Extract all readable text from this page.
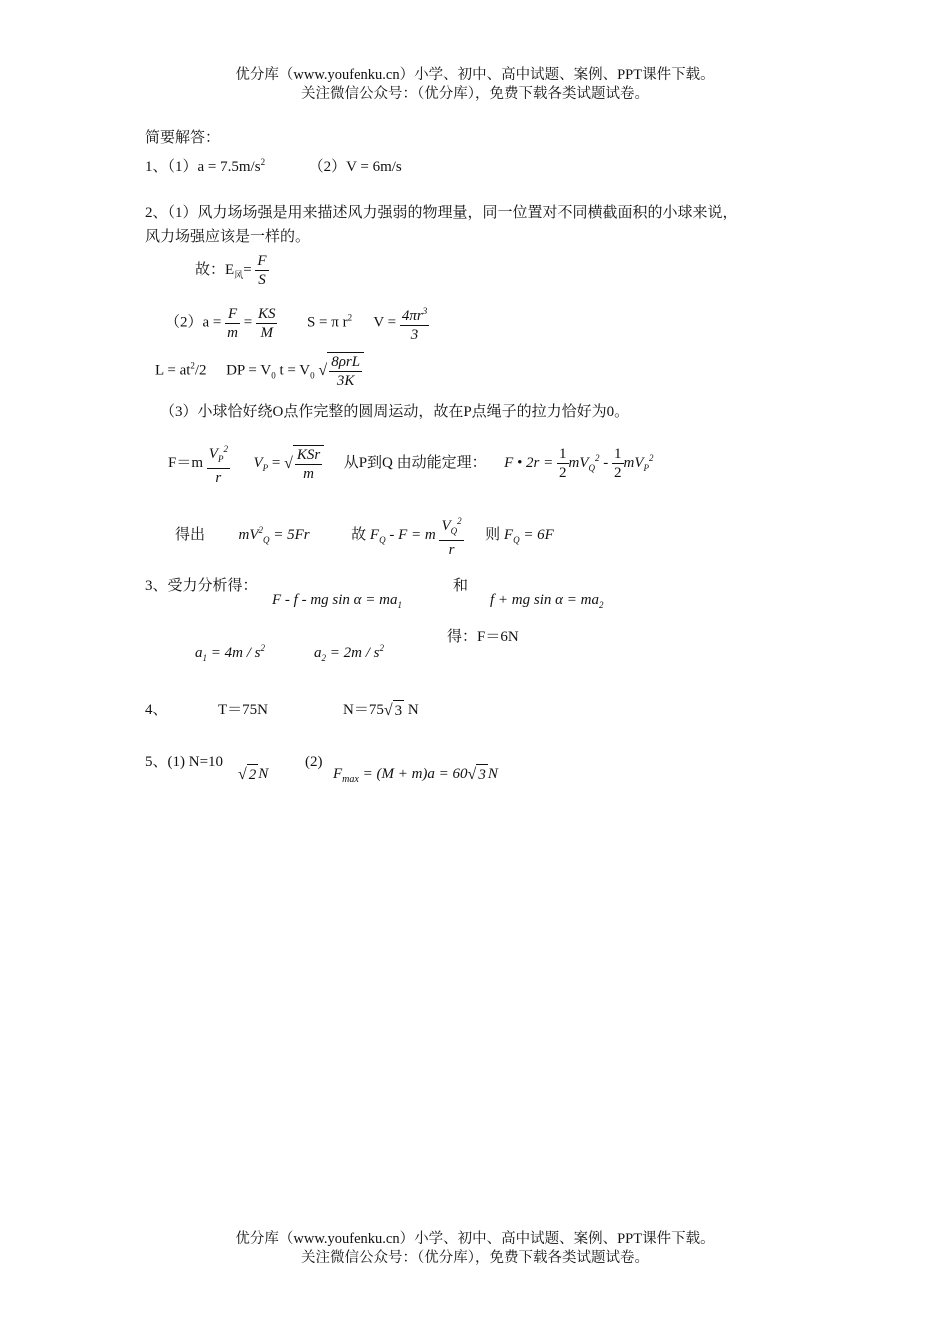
优分库（www.youfenku.cn）小学、初中、高中试题、案例、PPT课件下载。
关注微信公众号：（优分库），免费下载各类试题试卷。
简要解答：
1、$(1)a = 7.5m/s^2$	（2）V = 6m/s
2、（1）风力场场强是用来描述风力强弱的物理量，同一位置对不同横截面积的小球来说，
风力场强应该是一样的。
故：$E_风= \frac{F}{S}$
$(2)a = \frac{F}{m} = \frac{KS}{M}$ S = π $r^2$ $V = \frac{4\pi r^3}{3}$
$L = at^2/2$ DP = $V_0$ $t = V_0$ √ $\frac{\text{8ρrL}}{3K}$
（3）小球恰好绕O点作完整的圆周运动，故在P点绳子的拉力恰好为0。
$F=m \frac{V_P^2}{r} V_P$ = √ $\frac{\text{KSr}}{m}$ 从P到Q 由动能定理： F • $2r = \frac{1}{2} mV_Q^2 - \frac{1}{2} mV_P^2$
得出 $mV^2_Q = 5Fr$	故 $F_Q - F = m \frac{V_Q^2}{r}$ 则 $F_Q = 6F$
3、受力分析得：
F - f - mg $\sin \alpha = ma_1$
和
f + mg $\sin \alpha = ma_2$
$a_1 = 4m / s^2$	$a_2 = 2m / s^2$
得：F＝6N
4、	T＝75N	N＝75√ 3 N
5、(1) N=10
√ 2 N
(2)
$F_{max} = (M + m)a = 60√$ 3 N
优分库（www.youfenku.cn）小学、初中、高中试题、案例、PPT课件下载。
关注微信公众号：（优分库），免费下载各类试题试卷。
